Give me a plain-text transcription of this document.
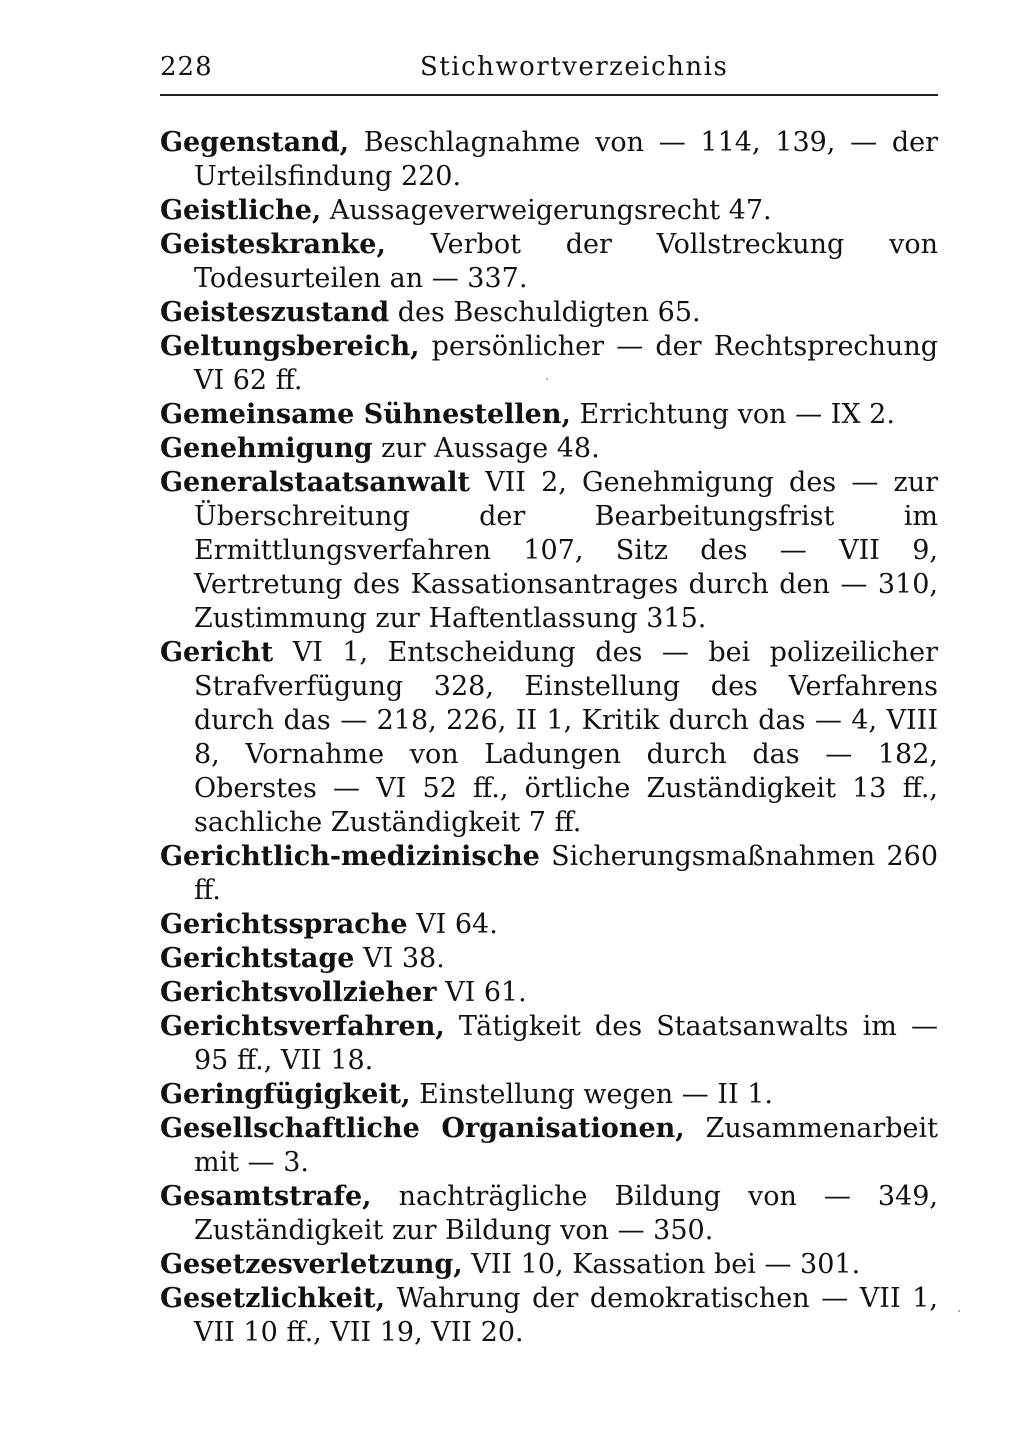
228	Stichwortverzeichnis

Gegenstand, Beschlagnahme von — 114, 139, — der Urteilsfindung 220.

Geistliche, Aussageverweigerungsrecht 47.

Geisteskranke, Verbot der Vollstreckung von Todesurteilen an — 337.

Geisteszustand des Beschuldigten 65.

Geltungsbereich, persönlicher — der Rechtsprechung VI 62 ff.

Gemeinsame Sühnestellen, Errichtung von — IX 2.

Genehmigung zur Aussage 48.

Generalstaatsanwalt VII 2, Genehmigung des — zur Überschreitung der Bearbeitungsfrist im Ermittlungsverfahren 107, Sitz des — VII 9, Vertretung des Kassationsantrages durch den — 310, Zustimmung zur Haftentlassung 315.

Gericht VI 1, Entscheidung des — bei polizeilicher Strafverfügung 328, Einstellung des Verfahrens durch das — 218, 226, II 1, Kritik durch das — 4, VIII 8, Vornahme von Ladungen durch das — 182, Oberstes — VI 52 ff., örtliche Zuständigkeit 13 ff., sachliche Zuständigkeit 7 ff.

Gerichtlich-medizinische Sicherungsmaßnahmen 260 ff.

Gerichtssprache VI 64.

Gerichtstage VI 38.

Gerichtsvollzieher VI 61.

Gerichtsverfahren, Tätigkeit des Staatsanwalts im — 95 ff., VII 18.

Geringfügigkeit, Einstellung wegen — II 1.

Gesellschaftliche Organisationen, Zusammenarbeit mit — 3.

Gesamtstrafe, nachträgliche Bildung von — 349, Zuständigkeit zur Bildung von — 350.

Gesetzesverletzung, VII 10, Kassation bei — 301.

Gesetzlichkeit, Wahrung der demokratischen — VII 1, VII 10 ff., VII 19, VII 20.
